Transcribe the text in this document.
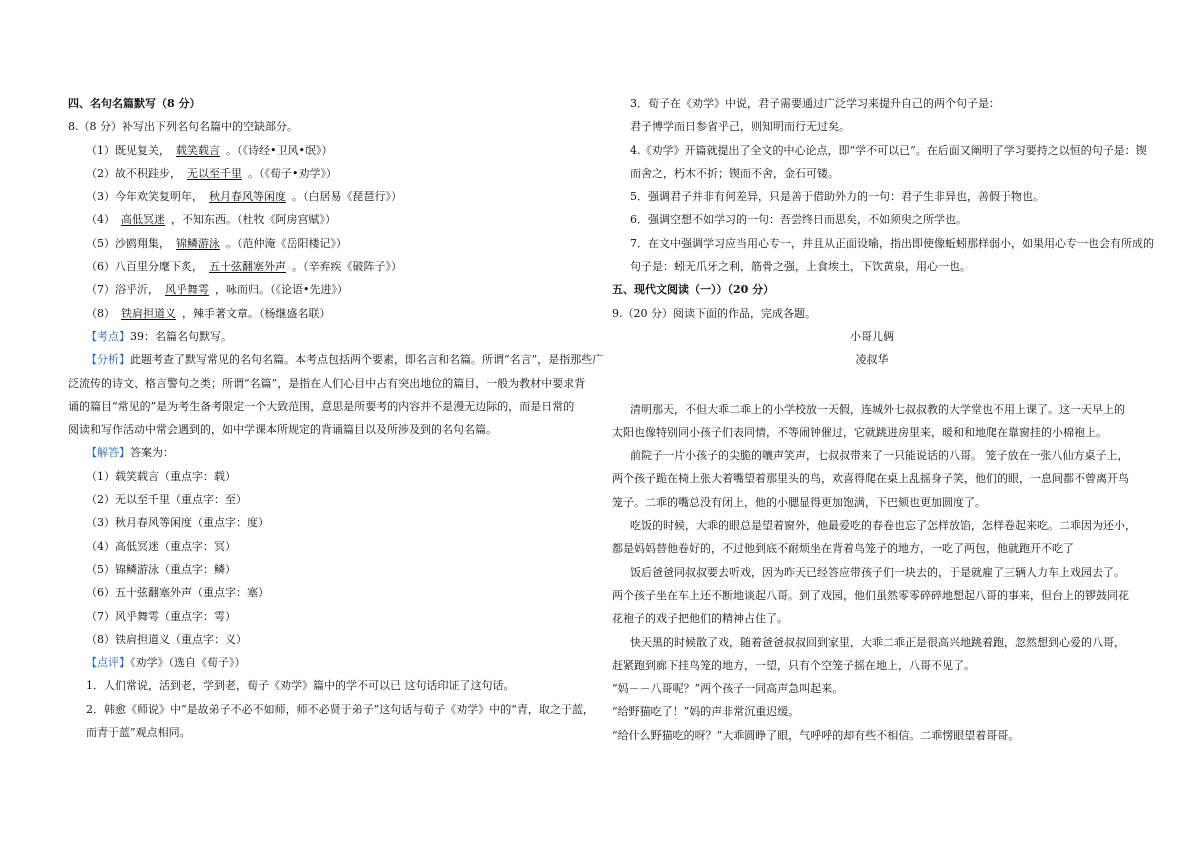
四、名句名篇默写（8 分）
8.（8 分）补写出下列名句名篇中的空缺部分。
（1）既见复关， 载笑载言 。（《诗经•卫风•氓》）
（2）故不积跬步， 无以至千里 。（《荀子•劝学》）
（3）今年欢笑复明年， 秋月春风等闲度 。（白居易《琵琶行》）
（4） 高低冥迷 ，不知东西。（杜牧《阿房宫赋》）
（5）沙鸥翔集， 锦鳞游泳 。（范仲淹《岳阳楼记》）
（6）八百里分麾下炙， 五十弦翻塞外声 。（辛弃疾《破阵子》）
（7）浴乎沂， 风乎舞雩 ，咏而归。（《论语•先进》）
（8） 铁肩担道义 ，辣手著文章。（杨继盛名联）
【考点】39：名篇名句默写。
【分析】此题考查了默写常见的名句名篇。本考点包括两个要素，即名言和名篇。所谓“名言”，是指那些广
泛流传的诗文、格言警句之类；所谓“名篇”，是指在人们心目中占有突出地位的篇目，一般为教材中要求背
诵的篇目“常见的”是为考生备考限定一个大致范围，意思是所要考的内容并不是漫无边际的，而是日常的
阅读和写作活动中常会遇到的，如中学课本所规定的背诵篇目以及所涉及到的名句名篇。
【解答】答案为：
（1）载笑载言（重点字：载）
（2）无以至千里（重点字：至）
（3）秋月春风等闲度（重点字：度）
（4）高低冥迷（重点字：冥）
（5）锦鳞游泳（重点字：鳞）
（6）五十弦翻塞外声（重点字：塞）
（7）风乎舞雩（重点字：雩）
（8）铁肩担道义（重点字：义）
【点评】《劝学》（选自《荀子》）
1．人们常说，活到老，学到老，荀子《劝学》篇中的学不可以已 这句话印证了这句话。
2．韩愈《师说》中“是故弟子不必不如师，师不必贤于弟子”这句话与荀子《劝学》中的“青，取之于蓝，
而青于蓝”观点相同。
3．荀子在《劝学》中说，君子需要通过广泛学习来提升自己的两个句子是：
君子博学而日参省乎己，则知明而行无过矣。
4.《劝学》开篇就提出了全文的中心论点，即“学不可以已”。在后面又阐明了学习要持之以恒的句子是：锲
而舍之，朽木不折；锲而不舍，金石可镂。
5．强调君子并非有何差异，只是善于借助外力的一句：君子生非异也，善假于物也。
6．强调空想不如学习的一句：吾尝终日而思矣，不如须臾之所学也。
7．在文中强调学习应当用心专一，并且从正面设喻，指出即使像蚯蚓那样弱小，如果用心专一也会有所成的
句子是：蚓无爪牙之利，筋骨之强，上食埃土，下饮黄泉，用心一也。
五、现代文阅读（一））（20 分）
9.（20 分）阅读下面的作品，完成各题。
小哥儿俩
凌叔华
清明那天，不但大乖二乖上的小学校放一天假，连城外七叔叔教的大学堂也不用上课了。这一天早上的
太阳也像特别同小孩子们表同情，不等闹钟催过，它就跳进房里来，暖和和地爬在靠窗挂的小棉袍上。
前院子一片小孩子的尖脆的嚷声笑声，七叔叔带来了一只能说话的八哥。 笼子放在一张八仙方桌子上，
两个孩子跪在椅上张大着嘴望着那里头的鸟，欢喜得爬在桌上乱摇身子笑，他们的眼，一息间都不曾离开鸟
笼子。二乖的嘴总没有闭上，他的小腮显得更加饱满，下巴颏也更加圆度了。
吃饭的时候，大乖的眼总是望着窗外，他最爱吃的春卷也忘了怎样放馅，怎样卷起来吃。二乖因为还小，
都是妈妈替他卷好的，不过他到底不耐烦坐在背着鸟笼子的地方，一吃了两包，他就跑开不吃了
饭后爸爸同叔叔要去听戏，因为昨天已经答应带孩子们一块去的，于是就雇了三辆人力车上戏园去了。
两个孩子坐在车上还不断地谈起八哥。到了戏园，他们虽然零零碎碎地想起八哥的事来，但台上的锣鼓同花
花袍子的戏子把他们的精神占住了。
快天黑的时候散了戏，随着爸爸叔叔回到家里，大乖二乖正是很高兴地跳着跑，忽然想到心爱的八哥，
赶紧跑到廊下挂鸟笼的地方，一望，只有个空笼子摇在地上，八哥不见了。
“妈－－八哥呢？”两个孩子一同高声急叫起来。
“给野猫吃了！”妈的声非常沉重迟缓。
“给什么野猫吃的呀？”大乖圆睁了眼，气呼呼的却有些不相信。二乖愣眼望着哥哥。
